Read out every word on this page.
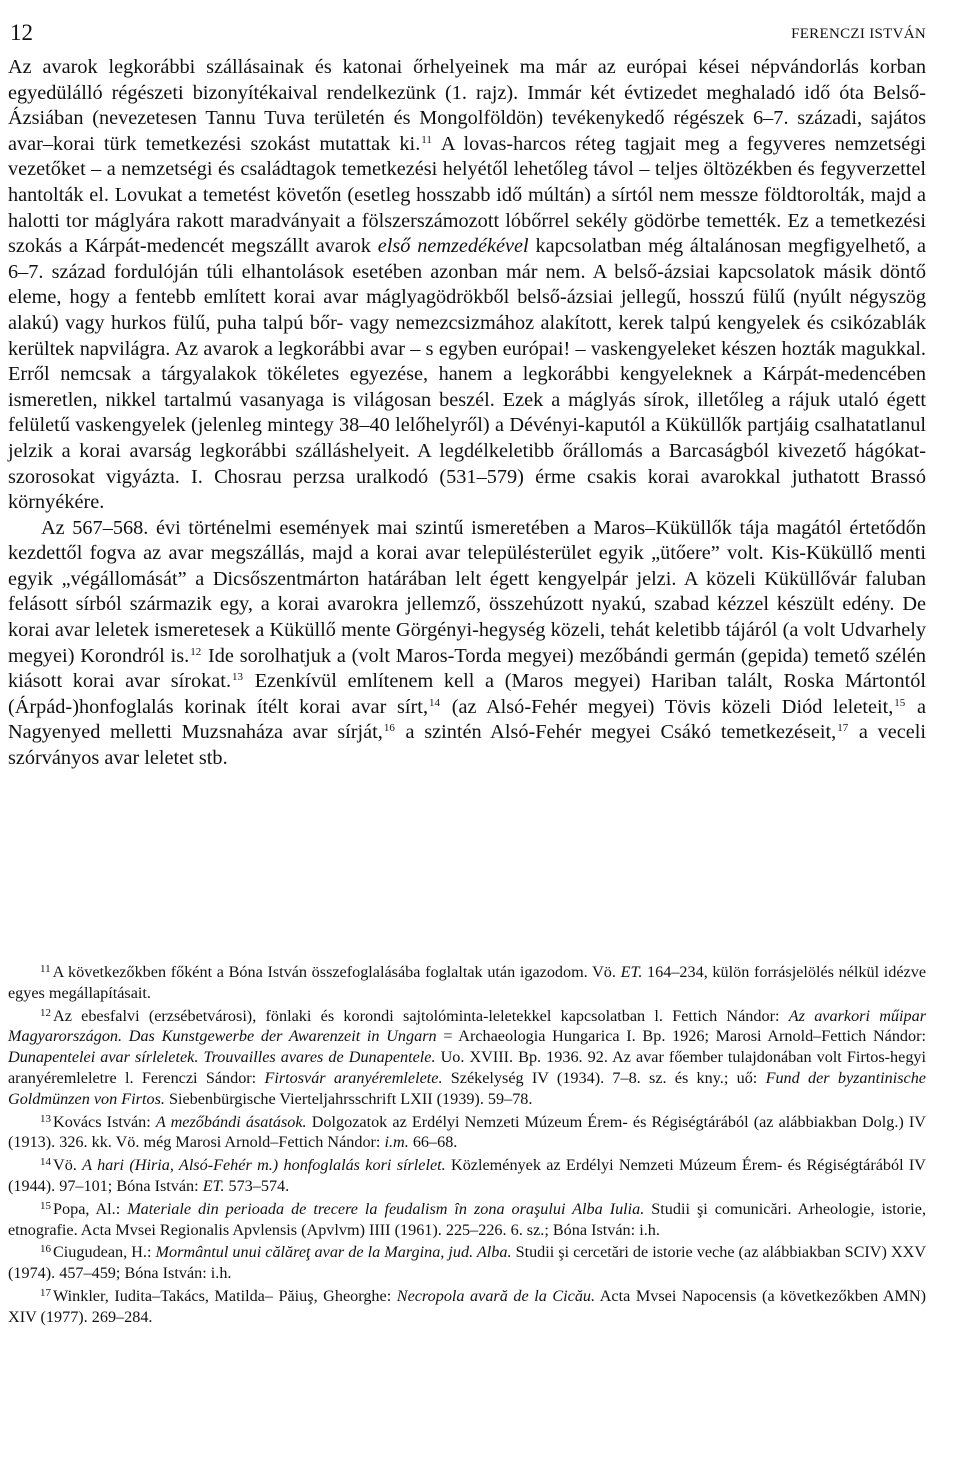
12	FERENCZI ISTVÁN

Az avarok legkorábbi szállásainak és katonai őrhelyeinek ma már az európai kései népvándorlás korban egyedülálló régészeti bizonyítékaival rendelkezünk (1. rajz). Immár két évtizedet meghaladó idő óta Belső-Ázsiában (nevezetesen Tannu Tuva területén és Mongolföldön) tevékenykedő régészek 6–7. századi, sajátos avar–korai türk temetkezési szokást mutattak ki.$^{11}$ A lovas-harcos réteg tagjait meg a fegyveres nemzetségi vezetőket – a nemzetségi és családtagok temetkezési helyétől lehetőleg távol – teljes öltözékben és fegyverzettel hantolták el. Lovukat a temetést követőn (esetleg hosszabb idő múltán) a sírtól nem messze földtorolták, majd a halotti tor máglyára rakott maradványait a fölszerszámozott lóbőrrel sekély gödörbe temették. Ez a temetkezési szokás a Kárpát-medencét megszállt avarok első nemzedékével kapcsolatban még általánosan megfigyelhető, a 6–7. század fordulóján túli elhantolások esetében azonban már nem. A belső-ázsiai kapcsolatok másik döntő eleme, hogy a fentebb említett korai avar máglyagödrökből belső-ázsiai jellegű, hosszú fülű (nyúlt négyszög alakú) vagy hurkos fülű, puha talpú bőr- vagy nemezcsizmához alakított, kerek talpú kengyelek és csikózablák kerültek napvilágra. Az avarok a legkorábbi avar – s egyben európai! – vaskengyeleket készen hozták magukkal. Erről nemcsak a tárgyalakok tökéletes egyezése, hanem a legkorábbi kengyeleknek a Kárpát-medencében ismeretlen, nikkel tartalmú vasanyaga is világosan beszél. Ezek a máglyás sírok, illetőleg a rájuk utaló égett felületű vaskengyelek (jelenleg mintegy 38–40 lelőhelyről) a Dévényi-kaputól a Küküllők partjáig csalhatatlanul jelzik a korai avarság legkorábbi szálláshelyeit. A legdélkeletibb őrállomás a Barcaságból kivezető hágókat-szorosokat vigyázta. I. Chosrau perzsa uralkodó (531–579) érme csakis korai avarokkal juthatott Brassó környékére.

Az 567–568. évi történelmi események mai szintű ismeretében a Maros–Küküllők tája magától értetődőn kezdettől fogva az avar megszállás, majd a korai avar településterület egyik „ütőere” volt. Kis-Küküllő menti egyik „végállomását” a Dicsőszentmárton határában lelt égett kengyelpár jelzi. A közeli Küküllővár faluban felásott sírból származik egy, a korai avarokra jellemző, összehúzott nyakú, szabad kézzel készült edény. De korai avar leletek ismeretesek a Küküllő mente Görgényi-hegység közeli, tehát keletibb tájáról (a volt Udvarhely megyei) Korondról is.$^{12}$ Ide sorolhatjuk a (volt Maros-Torda megyei) mezőbándi germán (gepida) temető szélén kiásott korai avar sírokat.$^{13}$ Ezenkívül említenem kell a (Maros megyei) Hariban talált, Roska Mártontól (Árpád-)honfoglalás korinak ítélt korai avar sírt,$^{14}$ (az Alsó-Fehér megyei) Tövis közeli Diód leleteit,$^{15}$ a Nagyenyed melletti Muzsnaháza avar sírját,$^{16}$ a szintén Alsó-Fehér megyei Csákó temetkezéseit,$^{17}$ a veceli szórványos avar leletet stb.

$^{11}$ A következőkben főként a Bóna István összefoglalásába foglaltak után igazodom. Vö. ET. 164–234, külön forrásjelölés nélkül idézve egyes megállapításait.

$^{12}$ Az ebesfalvi (erzsébetvárosi), fönlaki és korondi sajtolóminta-leletekkel kapcsolatban l. Fettich Nándor: Az avarkori műipar Magyarországon. Das Kunstgewerbe der Awarenzeit in Ungarn = Archaeologia Hungarica I. Bp. 1926; Marosi Arnold–Fettich Nándor: Dunapentelei avar sírleletek. Trouvailles avares de Dunapentele. Uo. XVIII. Bp. 1936. 92. Az avar főember tulajdonában volt Firtos-hegyi aranyéremleletre l. Ferenczi Sándor: Firtosvár aranyéremlelete. Székelység IV (1934). 7–8. sz. és kny.; uő: Fund der byzantinische Goldmünzen von Firtos. Siebenbürgische Vierteljahrsschrift LXII (1939). 59–78.

$^{13}$ Kovács István: A mezőbándi ásatások. Dolgozatok az Erdélyi Nemzeti Múzeum Érem- és Régiségtárából (az alábbiakban Dolg.) IV (1913). 326. kk. Vö. még Marosi Arnold–Fettich Nándor: i.m. 66–68.

$^{14}$ Vö. A hari (Hiria, Alsó-Fehér m.) honfoglalás kori sírlelet. Közlemények az Erdélyi Nemzeti Múzeum Érem- és Régiségtárából IV (1944). 97–101; Bóna István: ET. 573–574.

$^{15}$ Popa, Al.: Materiale din perioada de trecere la feudalism în zona oraşului Alba Iulia. Studii şi comunicări. Arheologie, istorie, etnografie. Acta Mvsei Regionalis Apvlensis (Apvlvm) IIII (1961). 225–226. 6. sz.; Bóna István: i.h.

$^{16}$ Ciugudean, H.: Mormântul unui călăreţ avar de la Margina, jud. Alba. Studii şi cercetări de istorie veche (az alábbiakban SCIV) XXV (1974). 457–459; Bóna István: i.h.

$^{17}$ Winkler, Iudita–Takács, Matilda– Păiuş, Gheorghe: Necropola avară de la Cicău. Acta Mvsei Napocensis (a következőkben AMN) XIV (1977). 269–284.
